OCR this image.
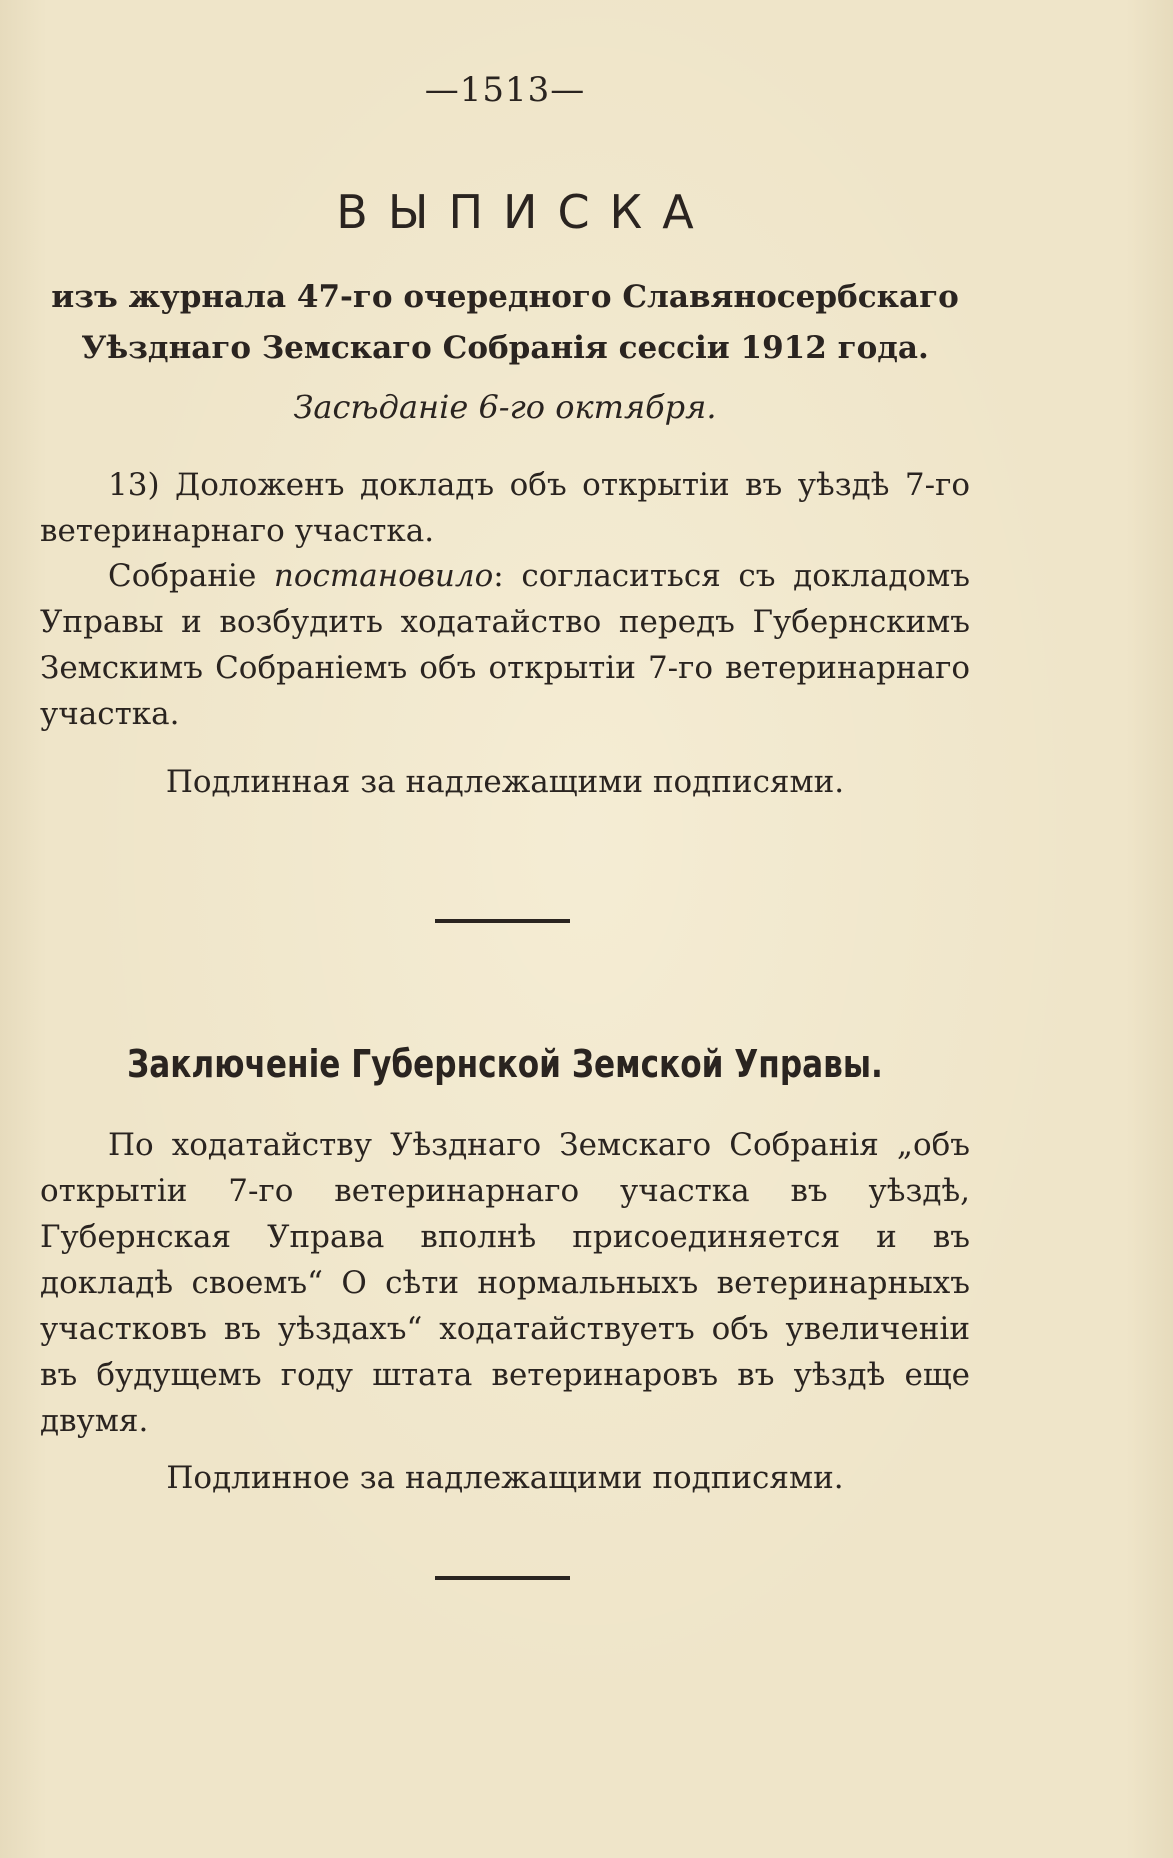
—1513—
ВЫПИСКА
изъ журнала 47-го очередного Славяносербскаго Уѣзднаго Земскаго Собранія сессіи 1912 года.
Засѣданіе 6-го октября.
13) Доложенъ докладъ объ открытіи въ уѣздѣ 7-го ветеринарнаго участка.
Собраніе постановило: согласиться съ докладомъ Управы и возбудить ходатайство передъ Губернскимъ Земскимъ Собраніемъ объ открытіи 7-го ветеринарнаго участка.
Подлинная за надлежащими подписями.
Заключеніе Губернской Земской Управы.
По ходатайству Уѣзднаго Земскаго Собранія „объ открытіи 7-го ветеринарнаго участка въ уѣздѣ, Губернская Управа вполнѣ присоединяется и въ докладѣ своемъ“ О сѣти нормальныхъ ветеринарныхъ участковъ въ уѣздахъ“ ходатайствуетъ объ увеличеніи въ будущемъ году штата ветеринаровъ въ уѣздѣ еще двумя.
Подлинное за надлежащими подписями.
